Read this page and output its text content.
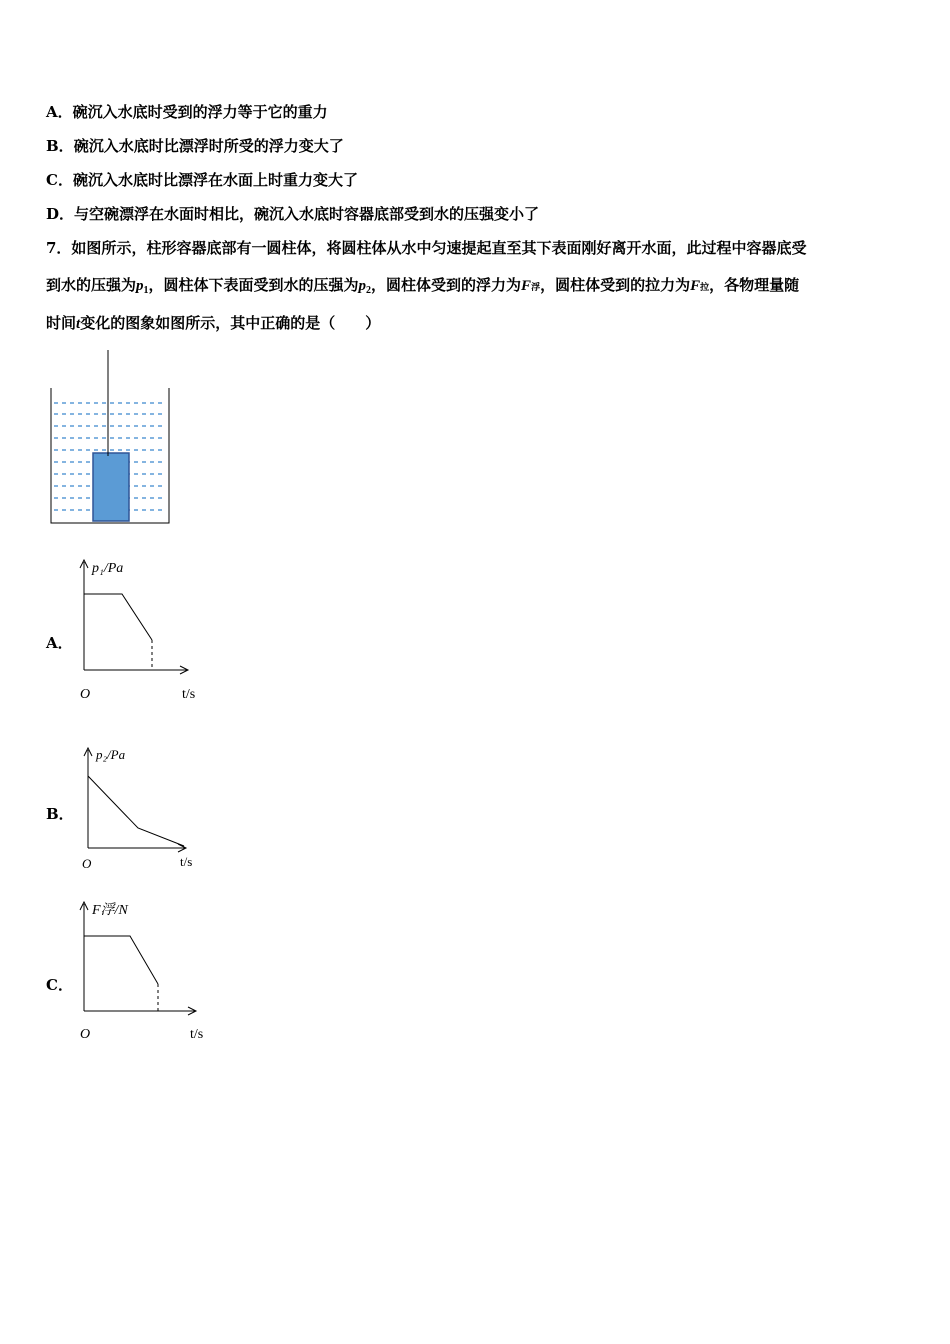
A．碗沉入水底时受到的浮力等于它的重力
B．碗沉入水底时比漂浮时所受的浮力变大了
C．碗沉入水底时比漂浮在水面上时重力变大了
D．与空碗漂浮在水面时相比，碗沉入水底时容器底部受到水的压强变小了
7．如图所示，柱形容器底部有一圆柱体，将圆柱体从水中匀速提起直至其下表面刚好离开水面，此过程中容器底受
到水的压强为$p_1$，圆柱体下表面受到水的压强为$p_2$，圆柱体受到的浮力为F浮，圆柱体受到的拉力为F拉，各物理量随
时间t变化的图象如图所示，其中正确的是（　　）
A．
p₁/Pa
O	t/s
B．
p₂/Pa
O	t/s
C．
F浮/N
O	t/s
